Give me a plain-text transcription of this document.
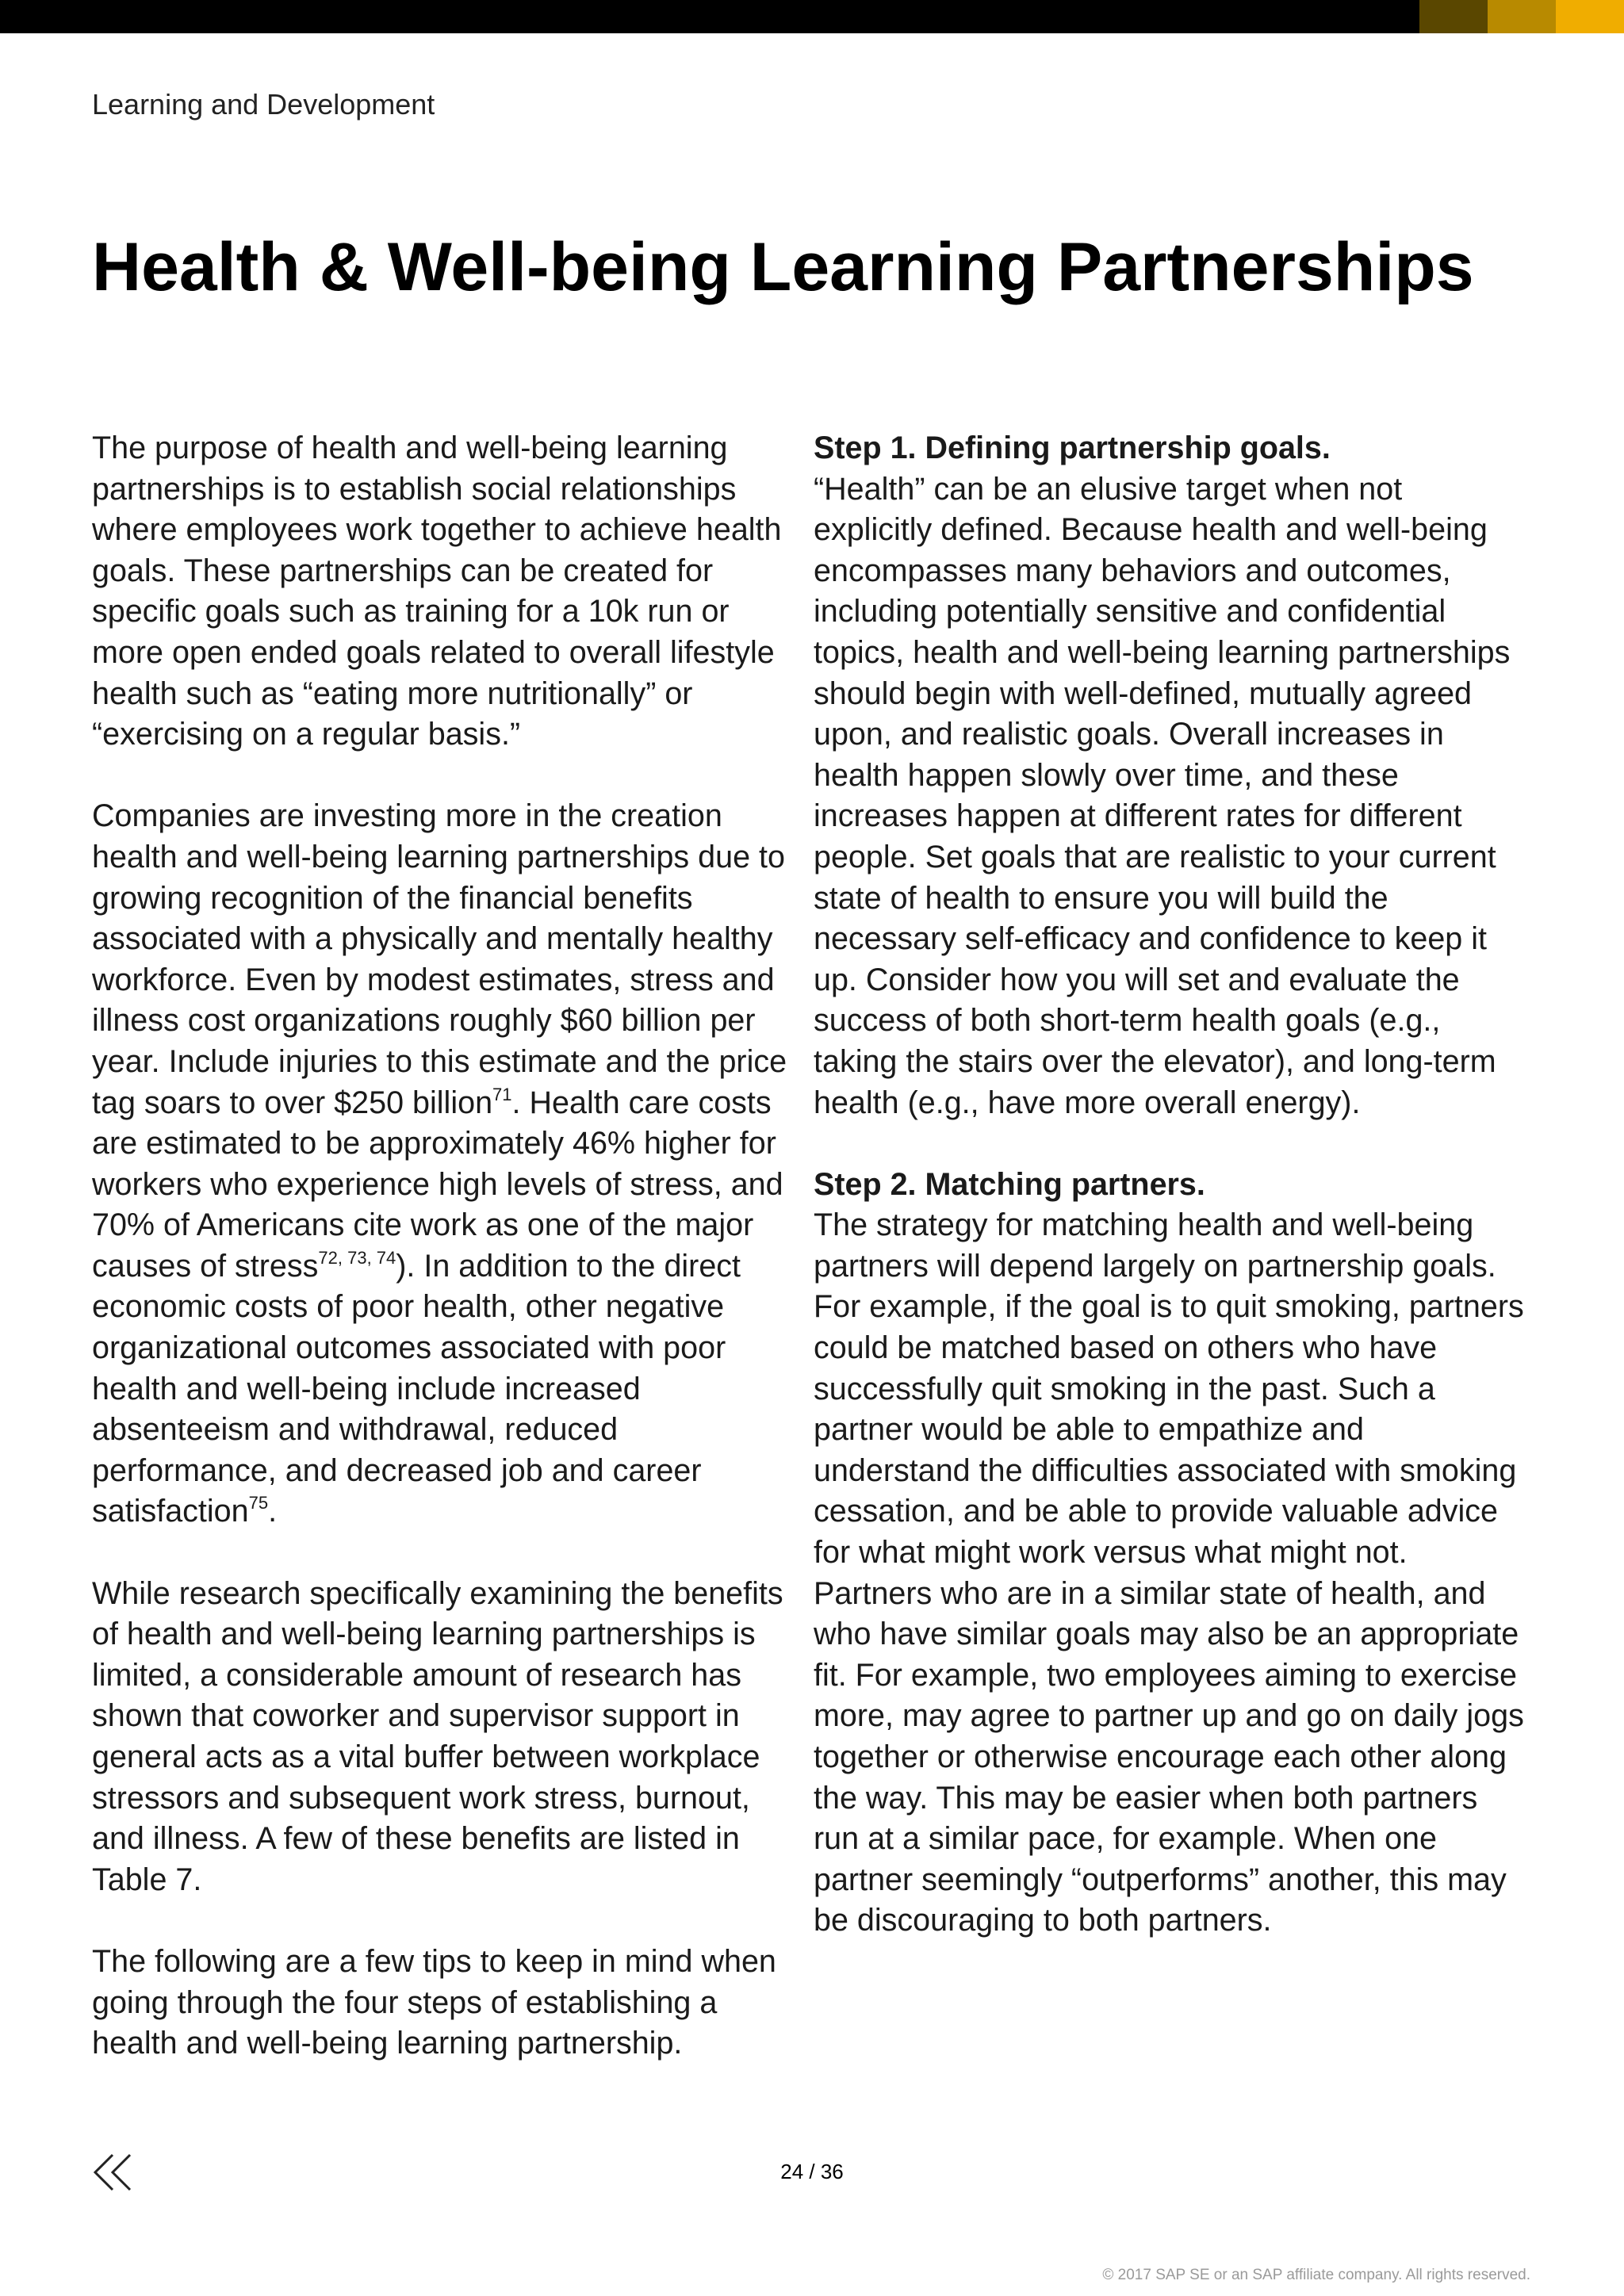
Learning and Development
Health & Well-being Learning Partnerships

The purpose of health and well-being learning partnerships is to establish social relationships where employees work together to achieve health goals. These partnerships can be created for specific goals such as training for a 10k run or more open ended goals related to overall lifestyle health such as “eating more nutritionally” or “exercising on a regular basis.”

Companies are investing more in the creation health and well-being learning partnerships due to growing recognition of the financial benefits associated with a physically and mentally healthy workforce. Even by modest estimates, stress and illness cost organizations roughly $60 billion per year. Include injuries to this estimate and the price tag soars to over $250 billion$^{71}$. Health care costs are estimated to be approximately 46% higher for workers who experience high levels of stress, and 70% of Americans cite work as one of the major causes of stress$^{72, 73, 74}$). In addition to the direct economic costs of poor health, other negative organizational outcomes associated with poor health and well-being include increased absenteeism and withdrawal, reduced performance, and decreased job and career satisfaction$^{75}$.

While research specifically examining the benefits of health and well-being learning partnerships is limited, a considerable amount of research has shown that coworker and supervisor support in general acts as a vital buffer between workplace stressors and subsequent work stress, burnout, and illness. A few of these benefits are listed in Table 7.

The following are a few tips to keep in mind when going through the four steps of establishing a health and well-being learning partnership.

Step 1. Defining partnership goals.

“Health” can be an elusive target when not explicitly defined. Because health and well-being encompasses many behaviors and outcomes, including potentially sensitive and confidential topics, health and well-being learning partnerships should begin with well-defined, mutually agreed upon, and realistic goals. Overall increases in health happen slowly over time, and these increases happen at different rates for different people. Set goals that are realistic to your current state of health to ensure you will build the necessary self-efficacy and confidence to keep it up. Consider how you will set and evaluate the success of both short-term health goals (e.g., taking the stairs over the elevator), and long-term health (e.g., have more overall energy).

Step 2. Matching partners.

The strategy for matching health and well-being partners will depend largely on partnership goals. For example, if the goal is to quit smoking, partners could be matched based on others who have successfully quit smoking in the past. Such a partner would be able to empathize and understand the difficulties associated with smoking cessation, and be able to provide valuable advice for what might work versus what might not. Partners who are in a similar state of health, and who have similar goals may also be an appropriate fit. For example, two employees aiming to exercise more, may agree to partner up and go on daily jogs together or otherwise encourage each other along the way. This may be easier when both partners run at a similar pace, for example. When one partner seemingly “outperforms” another, this may be discouraging to both partners.

24 / 36
© 2017 SAP SE or an SAP affiliate company. All rights reserved.
